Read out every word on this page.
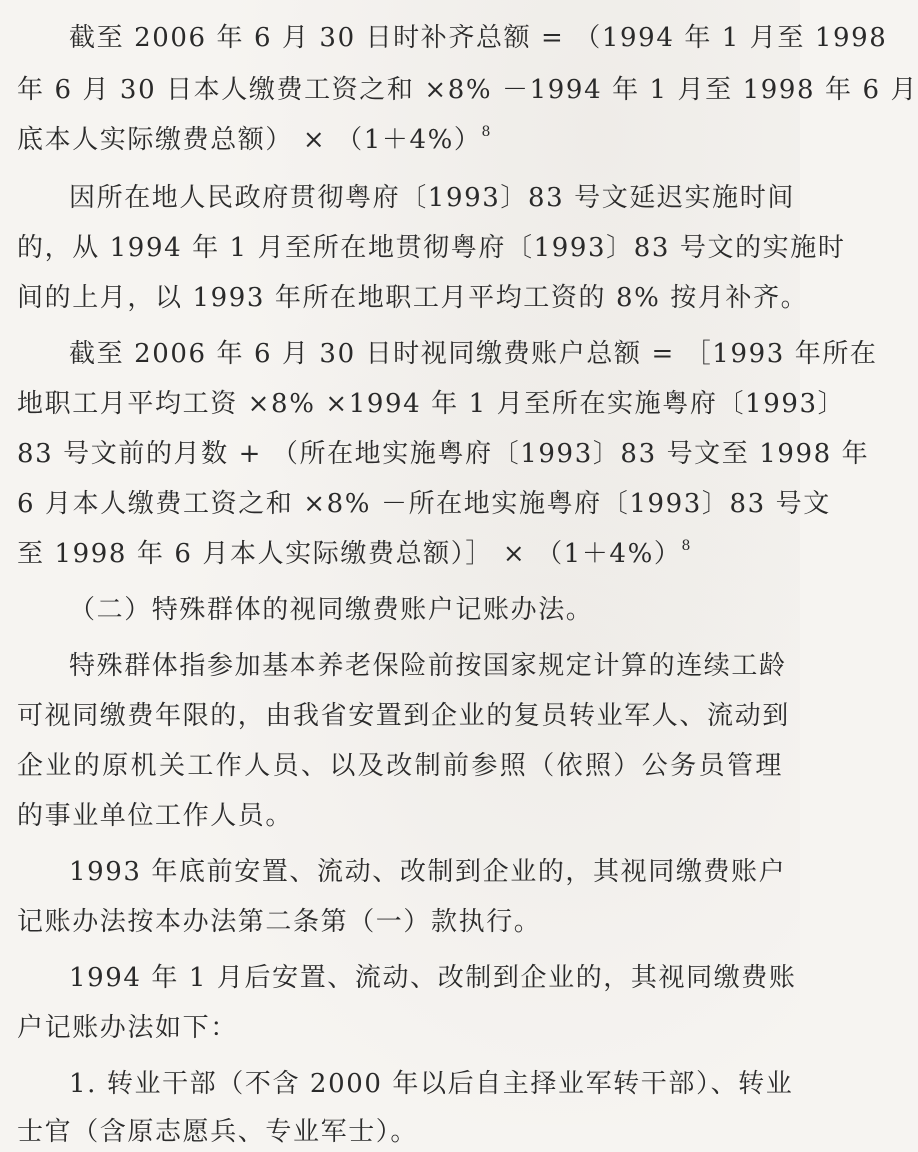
截至 2006 年 6 月 30 日时补齐总额 = （1994 年 1 月至 1998
年 6 月 30 日本人缴费工资之和 ×8% －1994 年 1 月至 1998 年 6 月
底本人实际缴费总额） × $(1+4\%)^8$
因所在地人民政府贯彻粤府〔1993〕83 号文延迟实施时间
的，从 1994 年 1 月至所在地贯彻粤府〔1993〕83 号文的实施时
间的上月，以 1993 年所在地职工月平均工资的 8% 按月补齐。
截至 2006 年 6 月 30 日时视同缴费账户总额 = ［1993 年所在
地职工月平均工资 ×8% ×1994 年 1 月至所在实施粤府〔1993〕
83 号文前的月数 + （所在地实施粤府〔1993〕83 号文至 1998 年
6 月本人缴费工资之和 ×8% －所在地实施粤府〔1993〕83 号文
至 1998 年 6 月本人实际缴费总额）］ × $(1+4\%)^8$
（二）特殊群体的视同缴费账户记账办法。
特殊群体指参加基本养老保险前按国家规定计算的连续工龄
可视同缴费年限的，由我省安置到企业的复员转业军人、流动到
企业的原机关工作人员、以及改制前参照（依照）公务员管理
的事业单位工作人员。
1993 年底前安置、流动、改制到企业的，其视同缴费账户
记账办法按本办法第二条第（一）款执行。
1994 年 1 月后安置、流动、改制到企业的，其视同缴费账
户记账办法如下：
1. 转业干部（不含 2000 年以后自主择业军转干部）、转业
士官（含原志愿兵、专业军士）。
